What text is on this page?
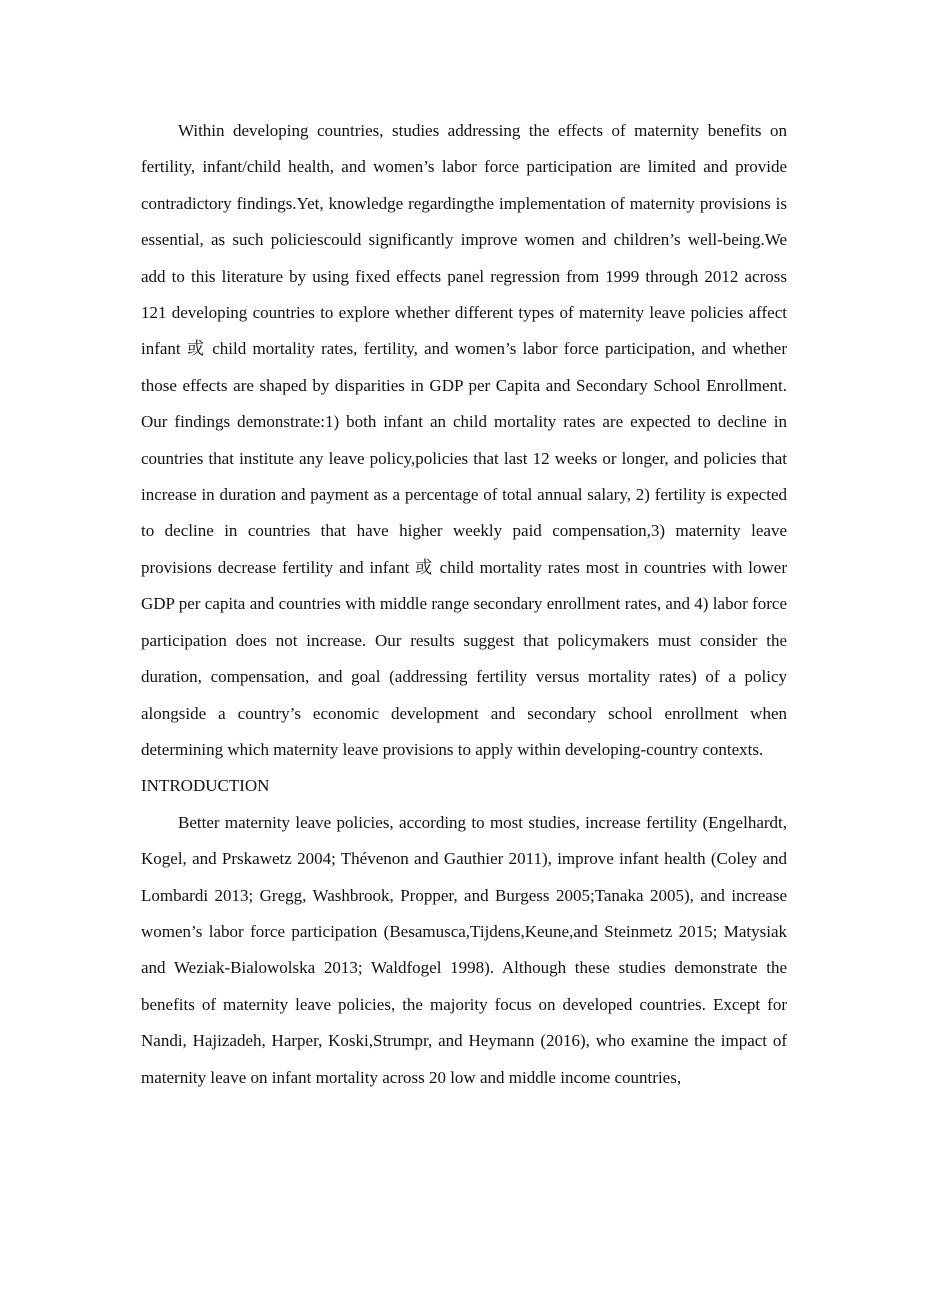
Within developing countries, studies addressing the effects of maternity benefits on fertility, infant/child health, and women’s labor force participation are limited and provide contradictory findings.Yet, knowledge regardingthe implementation of maternity provisions is essential, as such policiescould significantly improve women and children’s well-being.We add to this literature by using fixed effects panel regression from 1999 through 2012 across 121 developing countries to explore whether different types of maternity leave policies affect infant 或 child mortality rates, fertility, and women’s labor force participation, and whether those effects are shaped by disparities in GDP per Capita and Secondary School Enrollment. Our findings demonstrate:1) both infant an child mortality rates are expected to decline in countries that institute any leave policy,policies that last 12 weeks or longer, and policies that increase in duration and payment as a percentage of total annual salary, 2) fertility is expected to decline in countries that have higher weekly paid compensation,3) maternity leave provisions decrease fertility and infant 或 child mortality rates most in countries with lower GDP per capita and countries with middle range secondary enrollment rates, and 4) labor force participation does not increase. Our results suggest that policymakers must consider the duration, compensation, and goal (addressing fertility versus mortality rates) of a policy alongside a country’s economic development and secondary school enrollment when determining which maternity leave provisions to apply within developing-country contexts.

INTRODUCTION

Better maternity leave policies, according to most studies, increase fertility (Engelhardt, Kogel, and Prskawetz 2004; Thévenon and Gauthier 2011), improve infant health (Coley and Lombardi 2013; Gregg, Washbrook, Propper, and Burgess 2005;Tanaka 2005), and increase women’s labor force participation (Besamusca,Tijdens,Keune,and Steinmetz 2015; Matysiak and Weziak-Bialowolska 2013; Waldfogel 1998). Although these studies demonstrate the benefits of maternity leave policies, the majority focus on developed countries. Except for Nandi, Hajizadeh, Harper, Koski,Strumpr, and Heymann (2016), who examine the impact of maternity leave on infant mortality across 20 low and middle income countries,
